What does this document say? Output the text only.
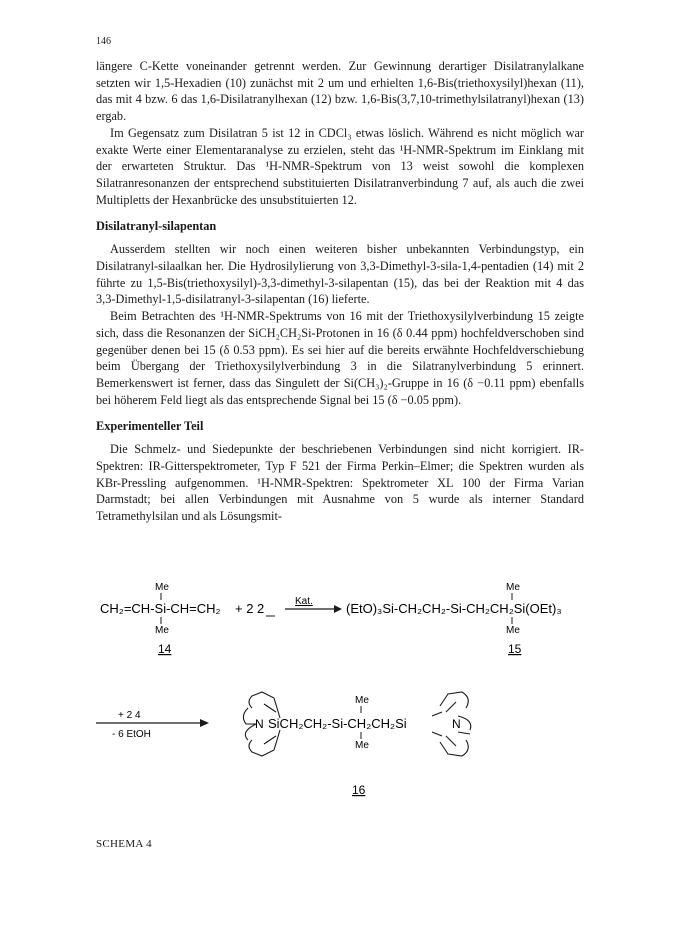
146

längere C-Kette voneinander getrennt werden. Zur Gewinnung derartiger Disilatranylalkane setzten wir 1,5-Hexadien (10) zunächst mit 2 um und erhielten 1,6-Bis(triethoxysilyl)hexan (11), das mit 4 bzw. 6 das 1,6-Disilatranylhexan (12) bzw. 1,6-Bis(3,7,10-trimethylsilatranyl)hexan (13) ergab.

Im Gegensatz zum Disilatran 5 ist 12 in CDCl₃ etwas löslich. Während es nicht möglich war exakte Werte einer Elementaranalyse zu erzielen, steht das ¹H-NMR-Spektrum im Einklang mit der erwarteten Struktur. Das ¹H-NMR-Spektrum von 13 weist sowohl die komplexen Silatranresonanzen der entsprechend substituierten Disilatranverbindung 7 auf, als auch die zwei Multipletts der Hexanbrücke des unsubstituierten 12.

Disilatranyl-silapentan

Ausserdem stellten wir noch einen weiteren bisher unbekannten Verbindungstyp, ein Disilatranyl-silaalkan her. Die Hydrosilylierung von 3,3-Dimethyl-3-sila-1,4-pentadien (14) mit 2 führte zu 1,5-Bis(triethoxysilyl)-3,3-dimethyl-3-silapentan (15), das bei der Reaktion mit 4 das 3,3-Dimethyl-1,5-disilatranyl-3-silapentan (16) lieferte.

Beim Betrachten des ¹H-NMR-Spektrums von 16 mit der Triethoxysilylverbindung 15 zeigte sich, dass die Resonanzen der SiCH₂CH₂Si-Protonen in 16 (δ 0.44 ppm) hochfeldverschoben sind gegenüber denen bei 15 (δ 0.53 ppm). Es sei hier auf die bereits erwähnte Hochfeldverschiebung beim Übergang der Triethoxysilylverbindung 3 in die Silatranylverbindung 5 erinnert. Bemerkenswert ist ferner, dass das Singulett der Si(CH₃)₂-Gruppe in 16 (δ −0.11 ppm) ebenfalls bei höherem Feld liegt als das entsprechende Signal bei 15 (δ −0.05 ppm).

Experimenteller Teil

Die Schmelz- und Siedepunkte der beschriebenen Verbindungen sind nicht korrigiert. IR-Spektren: IR-Gitterspektrometer, Typ F 521 der Firma Perkin–Elmer; die Spektren wurden als KBr-Pressling aufgenommen. ¹H-NMR-Spektren: Spektrometer XL 100 der Firma Varian Darmstadt; bei allen Verbindungen mit Ausnahme von 5 wurde als interner Standard Tetramethylsilan und als Lösungsmit-

Me
CH₂=CH-Si-CH=CH₂
Me
14
+ 2 2	Kat.
Me
(EtO)₃Si-CH₂CH₂-Si-CH₂CH₂Si(OEt)₃
Me
15
+ 2 4
- 6 EtOH
N
Me
SiCH₂CH₂-Si-CH₂CH₂Si
Me
N
16
SCHEMA 4
